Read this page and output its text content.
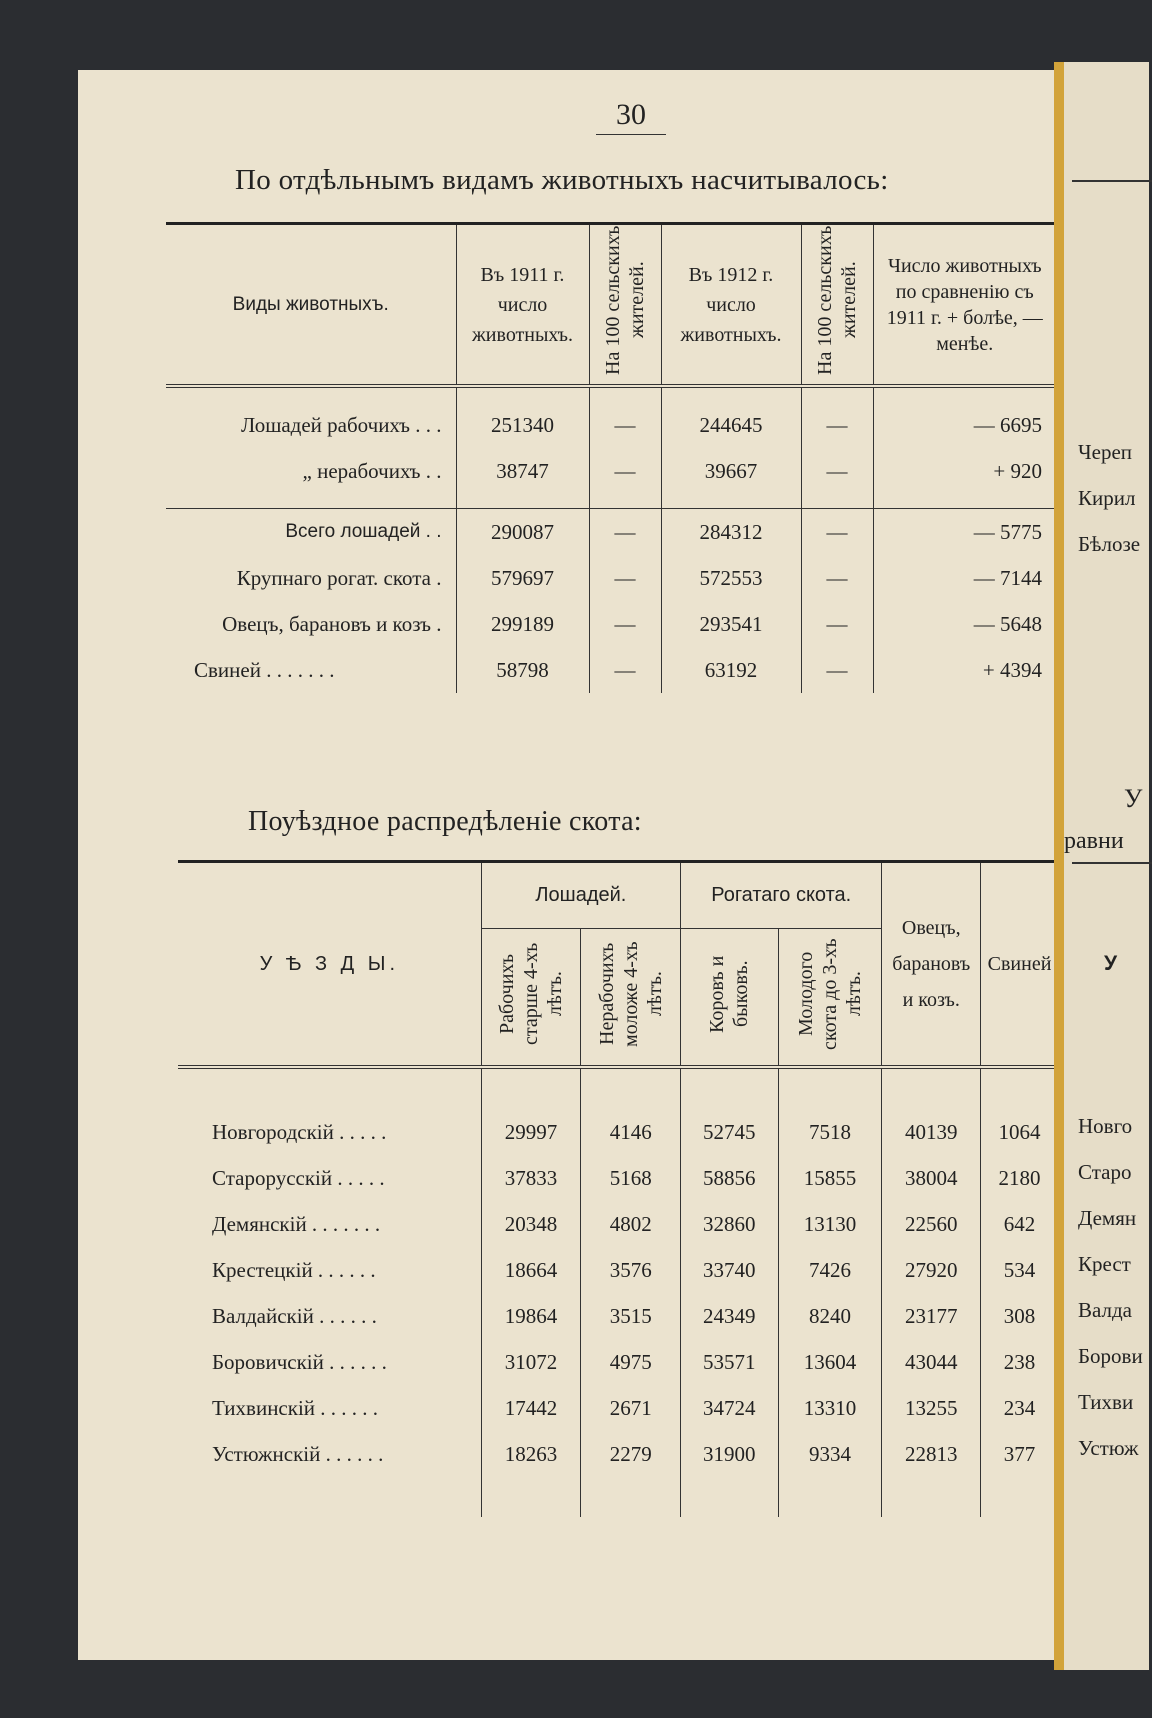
30
По отдѣльнымъ видамъ животныхъ насчитывалось:
Виды животныхъ.	Въ 1911 г. число животныхъ.	На 100 сельскихъ жителей.	Въ 1912 г. число животныхъ.	На 100 сельскихъ жителей.	Число животныхъ по сравненію съ 1911 г. + болѣе, — менѣе.

Лошадей рабочихъ . . .	251340	—	244645	—	— 6695
„ нерабочихъ . .	38747	—	39667	—	+ 920

Всего лошадей . .	290087	—	284312	—	— 5775
Крупнаго рогат. скота .	579697	—	572553	—	— 7144
Овецъ, барановъ и козъ .	299189	—	293541	—	— 5648
Свиней . . . . . . .	58798	—	63192	—	+ 4394
Поуѣздное распредѣленіе скота:
У Ѣ З Д Ы.	Лошадей.		Рогатаго скота.		Овецъ, барановъ и козъ.	Свиней
	Рабочихъ старше 4-хъ лѣтъ.	Нерабочихъ моложе 4-хъ лѣтъ.	Коровъ и быковъ.	Молодого скота до 3-хъ лѣтъ.		

Новгородскій . . . . .	29997	4146	52745	7518	40139	1064
Старорусскій . . . . .	37833	5168	58856	15855	38004	2180
Демянскій . . . . . . .	20348	4802	32860	13130	22560	642
Крестецкій . . . . . .	18664	3576	33740	7426	27920	534
Валдайскій . . . . . .	19864	3515	24349	8240	23177	308
Боровичскій . . . . . .	31072	4975	53571	13604	43044	238
Тихвинскій . . . . . .	17442	2671	34724	13310	13255	234
Устюжнскій . . . . . .	18263	2279	31900	9334	22813	377

Череп
Кирил
Бѣлозе
У
равни
У
Новго
Старо
Демян
Крест
Валда
Борови
Тихви
Устюж
